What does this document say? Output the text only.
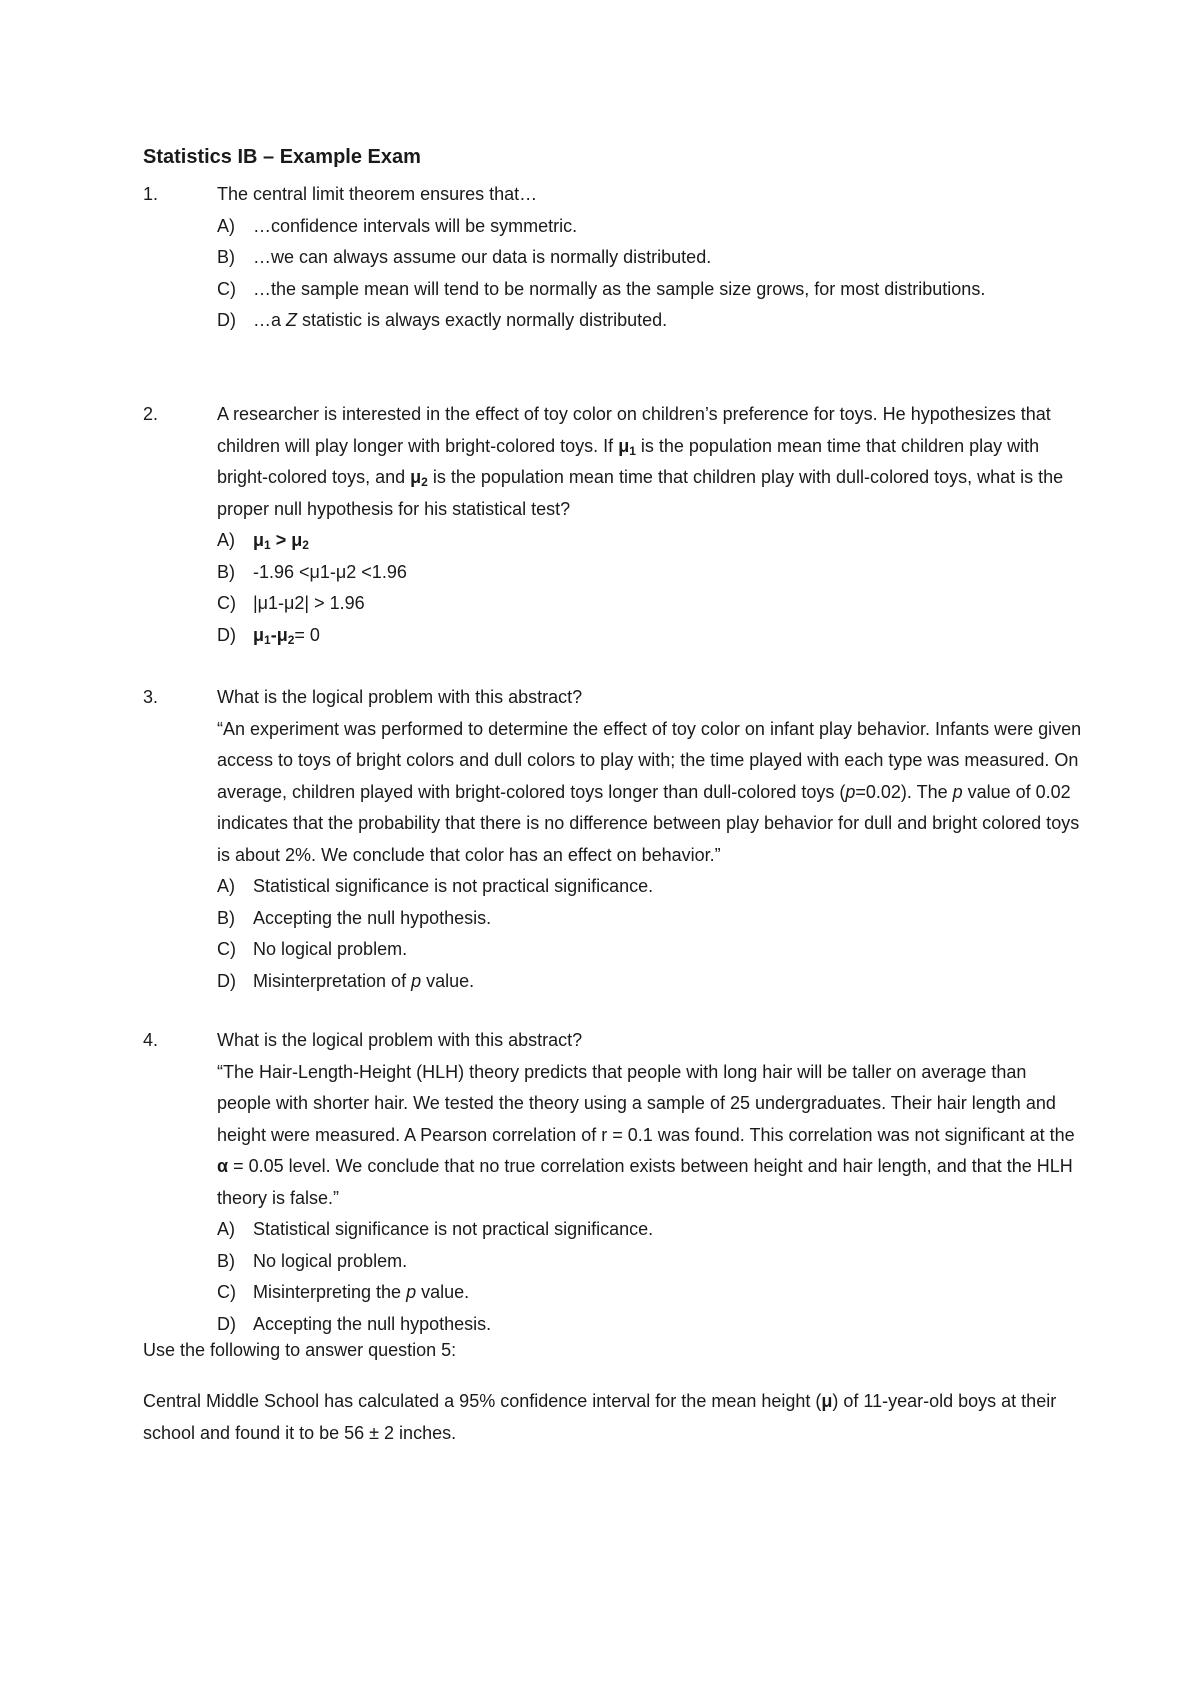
Statistics IB – Example Exam
1.	The central limit theorem ensures that…
A)	…confidence intervals will be symmetric.
B)	…we can always assume our data is normally distributed.
C) …the sample mean will tend to be normally as the sample size grows, for most distributions.
D) …a Z statistic is always exactly normally distributed.
2.	A researcher is interested in the effect of toy color on children’s preference for toys. He hypothesizes that children will play longer with bright-colored toys. If $\mu_1$ is the population mean time that children play with bright-colored toys, and $\mu_2$ is the population mean time that children play with dull-colored toys, what is the proper null hypothesis for his statistical test?
A)	$\mu_1 > \mu_2$
B)	-1.96 <μ1-μ2 <1.96
C) |μ1-μ2| > 1.96
D) $\mu_1-\mu_2= 0$
3.	What is the logical problem with this abstract?
“An experiment was performed to determine the effect of toy color on infant play behavior. Infants were given access to toys of bright colors and dull colors to play with; the time played with each type was measured. On average, children played with bright-colored toys longer than dull-colored toys (p=0.02). The p value of 0.02 indicates that the probability that there is no difference between play behavior for dull and bright colored toys is about 2%. We conclude that color has an effect on behavior.”
A)	Statistical significance is not practical significance.
B)	Accepting the null hypothesis.
C) No logical problem.
D) Misinterpretation of p value.
4.	What is the logical problem with this abstract?
“The Hair-Length-Height (HLH) theory predicts that people with long hair will be taller on average than people with shorter hair. We tested the theory using a sample of 25 undergraduates. Their hair length and height were measured. A Pearson correlation of r = 0.1 was found. This correlation was not significant at the α = 0.05 level. We conclude that no true correlation exists between height and hair length, and that the HLH theory is false.”
A)	Statistical significance is not practical significance.
B)	No logical problem.
C) Misinterpreting the p value.
D) Accepting the null hypothesis.

Use the following to answer question 5:

Central Middle School has calculated a 95% confidence interval for the mean height (μ) of 11-year-old boys at their school and found it to be 56 ± 2 inches.
